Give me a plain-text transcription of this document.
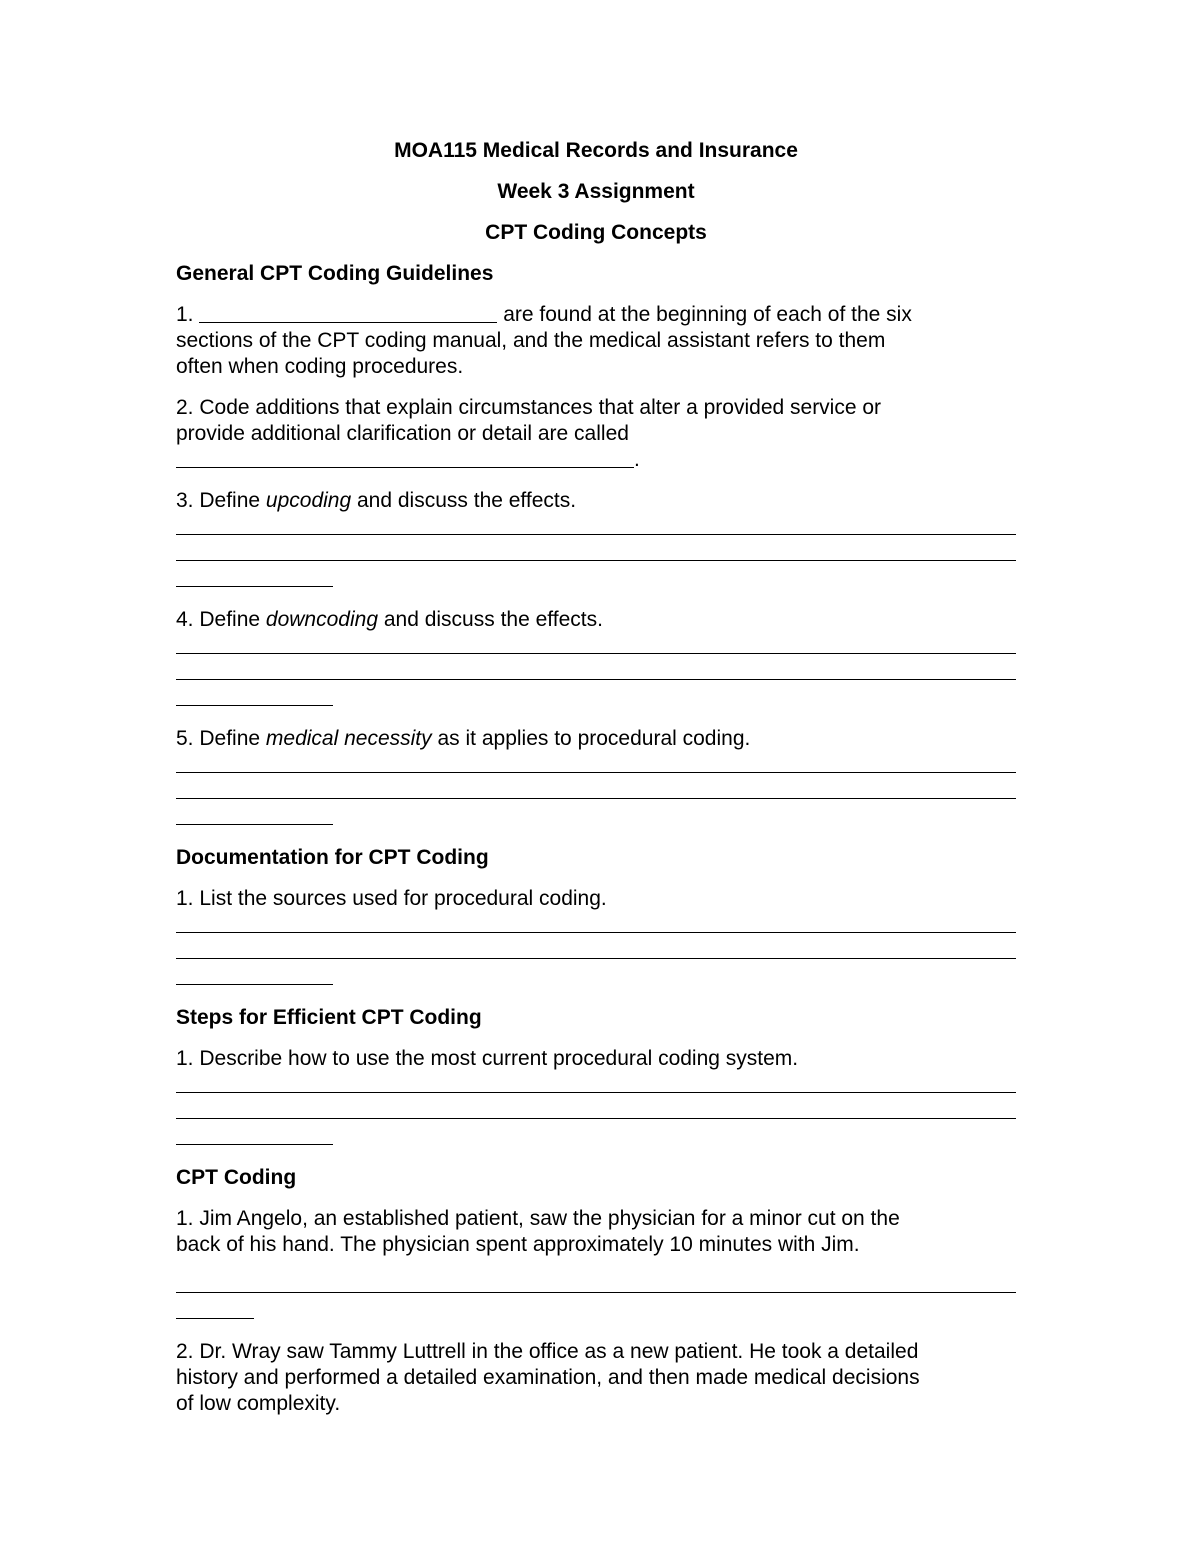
MOA115 Medical Records and Insurance
Week 3 Assignment
CPT Coding Concepts
General CPT Coding Guidelines
1.	are found at the beginning of each of the six
sections of the CPT coding manual, and the medical assistant refers to them
often when coding procedures.
2. Code additions that explain circumstances that alter a provided service or
provide additional clarification or detail are called
.
3. Define upcoding and discuss the effects.
4. Define downcoding and discuss the effects.
5. Define medical necessity as it applies to procedural coding.
Documentation for CPT Coding
1. List the sources used for procedural coding.
Steps for Efficient CPT Coding
1. Describe how to use the most current procedural coding system.
CPT Coding
1. Jim Angelo, an established patient, saw the physician for a minor cut on the
back of his hand. The physician spent approximately 10 minutes with Jim.
2. Dr. Wray saw Tammy Luttrell in the office as a new patient. He took a detailed
history and performed a detailed examination, and then made medical decisions
of low complexity.
